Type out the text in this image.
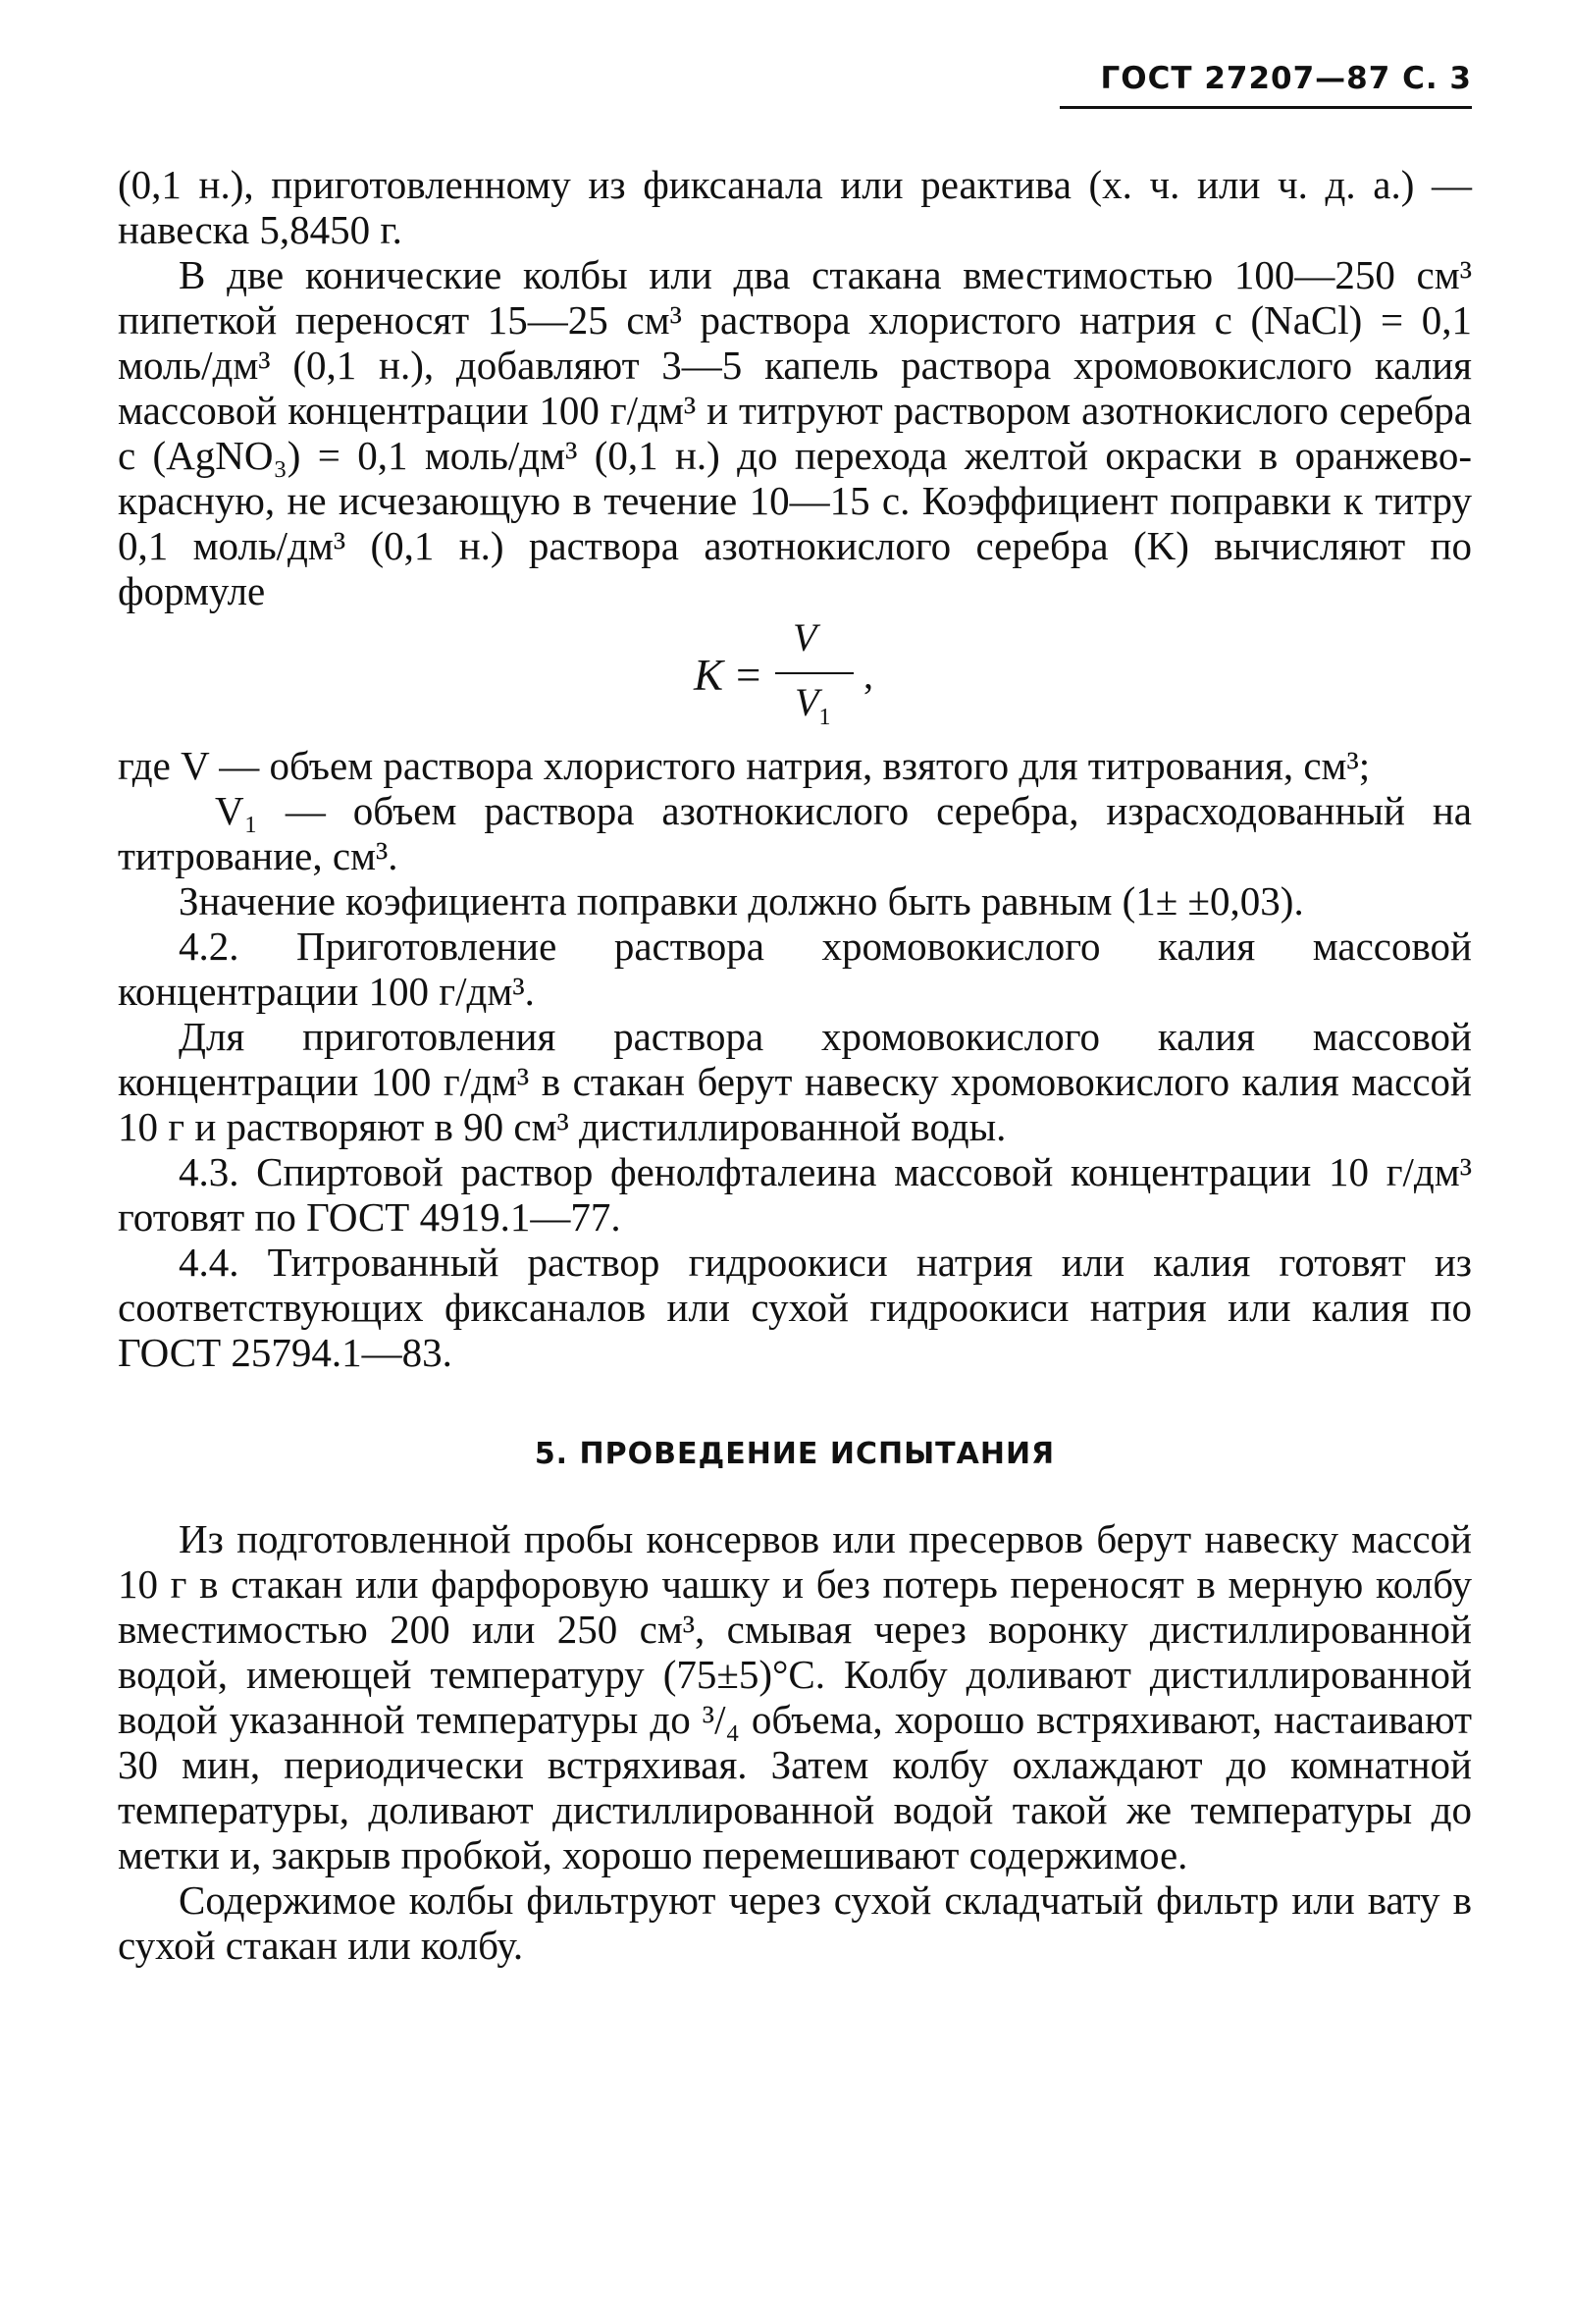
ГОСТ 27207—87 С. 3

(0,1 н.), приготовленному из фиксанала или реактива (х. ч. или ч. д. а.) — навеска 5,8450 г.

В две конические колбы или два стакана вместимостью 100—250 см³ пипеткой переносят 15—25 см³ раствора хлористого натрия c (NaCl) = 0,1 моль/дм³ (0,1 н.), добавляют 3—5 капель раствора хромовокислого калия массовой концентрации 100 г/дм³ и титруют раствором азотнокислого серебра c (AgNO₃) = 0,1 моль/дм³ (0,1 н.) до перехода желтой окраски в оранжево-красную, не исчезающую в течение 10—15 с. Коэффициент поправки к титру 0,1 моль/дм³ (0,1 н.) раствора азотнокислого серебра (K) вычисляют по формуле

K =
V
$V_1$
,

где V — объем раствора хлористого натрия, взятого для титрования, см³;

V₁ — объем раствора азотнокислого серебра, израсходованный на титрование, см³.

Значение коэфициента поправки должно быть равным (1± ±0,03).

4.2. Приготовление раствора хромовокислого калия массовой концентрации 100 г/дм³.

Для приготовления раствора хромовокислого калия массовой концентрации 100 г/дм³ в стакан берут навеску хромовокислого калия массой 10 г и растворяют в 90 см³ дистиллированной воды.

4.3. Спиртовой раствор фенолфталеина массовой концентрации 10 г/дм³ готовят по ГОСТ 4919.1—77.

4.4. Титрованный раствор гидроокиси натрия или калия готовят из соответствующих фиксаналов или сухой гидроокиси натрия или калия по ГОСТ 25794.1—83.

5. ПРОВЕДЕНИЕ ИСПЫТАНИЯ

Из подготовленной пробы консервов или пресервов берут навеску массой 10 г в стакан или фарфоровую чашку и без потерь переносят в мерную колбу вместимостью 200 или 250 см³, смывая через воронку дистиллированной водой, имеющей температуру (75±5)°С. Колбу доливают дистиллированной водой указанной температуры до ³/₄ объема, хорошо встряхивают, настаивают 30 мин, периодически встряхивая. Затем колбу охлаждают до комнатной температуры, доливают дистиллированной водой такой же температуры до метки и, закрыв пробкой, хорошо перемешивают содержимое.

Содержимое колбы фильтруют через сухой складчатый фильтр или вату в сухой стакан или колбу.
